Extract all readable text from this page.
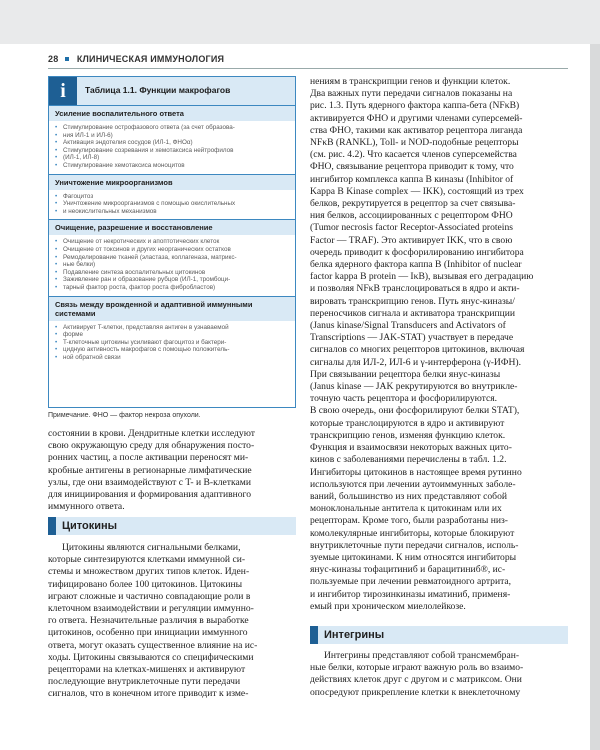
28 КЛИНИЧЕСКАЯ ИММУНОЛОГИЯ
i	Таблица 1.1. Функции макрофагов
Усиление воспалительного ответа
• Стимулирование острофазового ответа (за счет образова-
• ния ИЛ-1 и ИЛ-6)
• Активация эндотелия сосудов (ИЛ-1, ФНОα)
• Стимулирование созревания и хемотаксиса нейтрофилов
• (ИЛ-1, ИЛ-8)
• Стимулирование хемотаксиса моноцитов
Уничтожение микроорганизмов
• Фагоцитоз
• Уничтожение микроорганизмов с помощью окислительных
• и неокислительных механизмов
Очищение, разрешение и восстановление
• Очищение от некротических и апоптотических клеток
• Очищение от токсинов и других неорганических остатков
• Ремоделирование тканей (эластаза, коллагеназа, матрикс-
• ные белки)
• Подавление синтеза воспалительных цитокинов
• Заживление ран и образование рубцов (ИЛ-1, тромбоци-
• тарный фактор роста, фактор роста фибробластов)
Связь между врожденной и адаптивной иммунными системами
• Активирует T-клетки, представляя антиген в узнаваемой
• форме
• T-клеточные цитокины усиливают фагоцитоз и бактери-
• цидную активность макрофагов с помощью положитель-
• ной обратной связи
Примечание. ФНО — фактор некроза опухоли.
состоянии в крови. Дендритные клетки исследуют
свою окружающую среду для обнаружения посто-
ронних частиц, а после активации переносят ми-
кробные антигены в регионарные лимфатические
узлы, где они взаимодействуют с T- и B-клетками
для инициирования и формирования адаптивного
иммунного ответа.
Цитокины
Цитокины являются сигнальными белками,
которые синтезируются клетками иммунной си-
стемы и множеством других типов клеток. Иден-
тифицировано более 100 цитокинов. Цитокины
играют сложные и частично совпадающие роли в
клеточном взаимодействии и регуляции иммунно-
го ответа. Незначительные различия в выработке
цитокинов, особенно при инициации иммунного
ответа, могут оказать существенное влияние на ис-
ходы. Цитокины связываются со специфическими
рецепторами на клетках-мишенях и активируют
последующие внутриклеточные пути передачи
сигналов, что в конечном итоге приводит к изме-
нениям в транскрипции генов и функции клеток.
Два важных пути передачи сигналов показаны на
рис. 1.3. Путь ядерного фактора каппа-бета (NFκB)
активируется ФНО и другими членами суперсемей-
ства ФНО, такими как активатор рецептора лиганда
NFκB (RANKL), Toll- и NOD-подобные рецепторы
(см. рис. 4.2). Что касается членов суперсемейства
ФНО, связывание рецептора приводит к тому, что
ингибитор комплекса каппа B киназы (Inhibitor of
Kappa B Kinase complex — IKK), состоящий из трех
белков, рекрутируется в рецептор за счет связыва-
ния белков, ассоциированных с рецептором ФНО
(Tumor necrosis factor Receptor-Associated proteins
Factor — TRAF). Это активирует IKK, что в свою
очередь приводит к фосфорилированию ингибитора
белка ядерного фактора каппа B (Inhibitor of nuclear
factor kappa B protein — IκB), вызывая его деградацию
и позволяя NFκB транслоцироваться в ядро и акти-
вировать транскрипцию генов. Путь янус-киназы/
переносчиков сигнала и активатора транскрипции
(Janus kinase/Signal Transducers and Activators of
Transcriptions — JAK-STAT) участвует в передаче
сигналов со многих рецепторов цитокинов, включая
сигналы для ИЛ-2, ИЛ-6 и γ-интерферона (γ-ИФН).
При связывании рецептора белки янус-киназы
(Janus kinase — JAK рекрутируются во внутрикле-
точную часть рецептора и фосфорилируются.
В свою очередь, они фосфорилируют белки STAT),
которые транслоцируются в ядро и активируют
транскрипцию генов, изменяя функцию клеток.
Функция и взаимосвязи некоторых важных цито-
кинов с заболеваниями перечислены в табл. 1.2.
Ингибиторы цитокинов в настоящее время рутинно
используются при лечении аутоиммунных заболе-
ваний, большинство из них представляют собой
моноклональные антитела к цитокинам или их
рецепторам. Кроме того, были разработаны низ-
комолекулярные ингибиторы, которые блокируют
внутриклеточные пути передачи сигналов, исполь-
зуемые цитокинами. К ним относятся ингибиторы
янус-киназы тофацитиниб и барацитиниб®, ис-
пользуемые при лечении ревматоидного артрита,
и ингибитор тирозинкиназы иматиниб, применя-
емый при хроническом миелолейкозе.
Интегрины
Интегрины представляют собой трансмембран-
ные белки, которые играют важную роль во взаимо-
действиях клеток друг с другом и с матриксом. Они
опосредуют прикрепление клетки к внеклеточному
